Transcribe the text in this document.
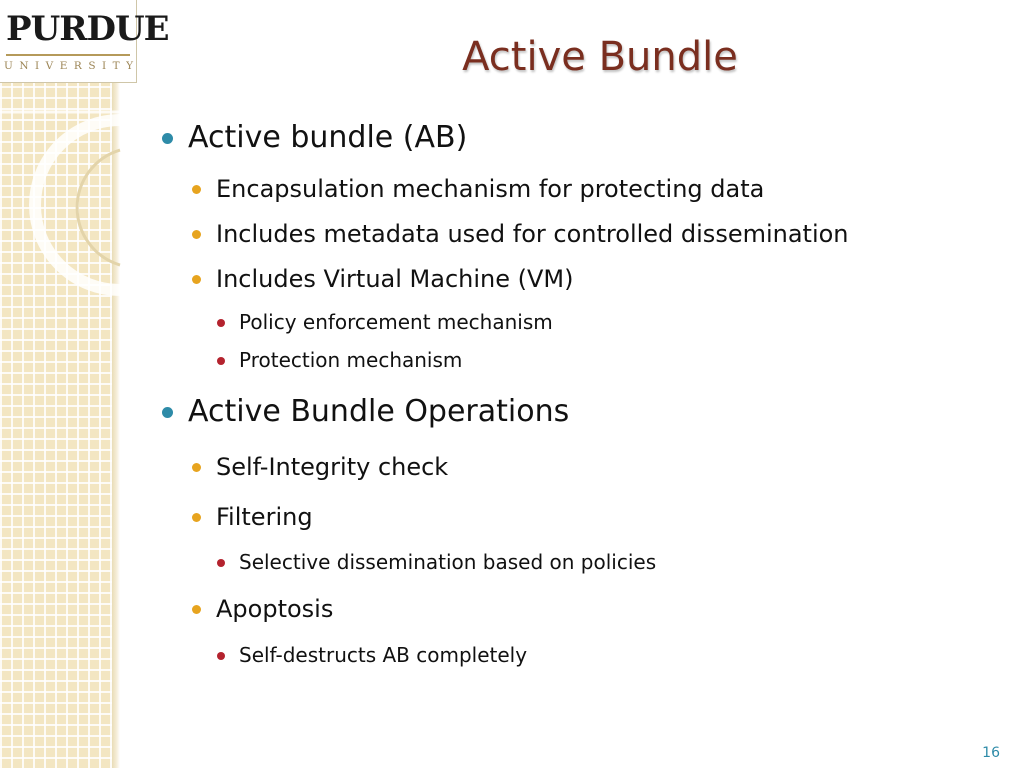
PURDUE
UNIVERSITY	Active Bundle
Active bundle (AB)
Encapsulation mechanism for protecting data
Includes metadata used for controlled dissemination
Includes Virtual Machine (VM)
Policy enforcement mechanism
Protection mechanism
Active Bundle Operations
Self-Integrity check
Filtering
Selective dissemination based on policies
Apoptosis
Self-destructs AB completely
16
